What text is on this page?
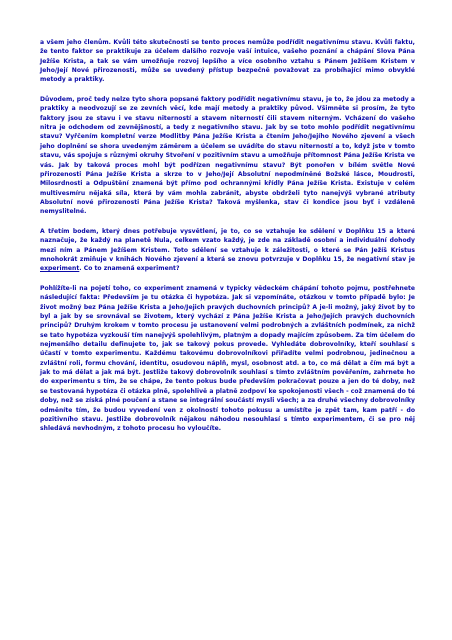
a všem jeho členům. Kvůli této skutečnosti se tento proces nemůže podřídit negativnímu stavu. Kvůli faktu, že tento faktor se praktikuje za účelem dalšího rozvoje vaší intuice, vašeho poznání a chápání Slova Pána Ježíše Krista, a tak se vám umožňuje rozvoj lepšího a více osobního vztahu s Pánem Ježíšem Kristem v Jeho/Její Nové přirozenosti, může se uvedený přístup bezpečně považovat za probíhající mimo obvyklé metody a praktiky.

Důvodem, proč tedy nelze tyto shora popsané faktory podřídit negativnímu stavu, je to, že jdou za metody a praktiky a neodvozují se ze zevních věcí, kde mají metody a praktiky původ. Všimněte si prosím, že tyto faktory jsou ze stavu i ve stavu niterností a stavem niterností čili stavem niterným. Vcházení do vašeho nitra je odchodem od zevnějšností, a tedy z negativního stavu. Jak by se toto mohlo podřídit negativnímu stavu? Vyřčením kompletní verze Modlitby Pána Ježíše Krista a čtením Jeho/Jejího Nového zjevení a všech jeho doplnění se shora uvedeným záměrem a účelem se uvádíte do stavu niterností a to, když jste v tomto stavu, vás spojuje s různými okruhy Stvoření v pozitivním stavu a umožňuje přítomnost Pána Ježíše Krista ve vás. Jak by taková proces mohl být podřízen negativnímu stavu? Být ponořen v bílém světle Nové přirozenosti Pána Ježíše Krista a skrze to v Jeho/Její Absolutní nepodmíněné Božské lásce, Moudrosti, Milosrdnosti a Odpuštění znamená být přímo pod ochrannými křídly Pána Ježíše Krista. Existuje v celém multivesmíru nějaká síla, která by vám mohla zabránit, abyste obdrželi tyto nanejvýš vybrané atributy Absolutní nové přirozenosti Pána Ježíše Krista? Taková myšlenka, stav či kondice jsou byť i vzdáleně nemyslitelné.

A třetím bodem, který dnes potřebuje vysvětlení, je to, co se vztahuje ke sdělení v Doplňku 15 a které naznačuje, že každý na planetě Nula, celkem vzato každý, je zde na základě osobní a individuální dohody mezi ním a Pánem Ježíšem Kristem. Toto sdělení se vztahuje k záležitosti, o které se Pán Ježíš Kristus mnohokrát zmiňuje v knihách Nového zjevení a která se znovu potvrzuje v Doplňku 15, že negativní stav je experiment. Co to znamená experiment?

Pohlížíte-li na pojetí toho, co experiment znamená v typicky vědeckém chápání tohoto pojmu, postřehnete následující fakta: Především je tu otázka či hypotéza. Jak si vzpomínáte, otázkou v tomto případě bylo: Je život možný bez Pána Ježíše Krista a Jeho/Jejich pravých duchovních principů? A je-li možný, jaký život by to byl a jak by se srovnával se životem, který vychází z Pána Ježíše Krista a Jeho/Jejích pravých duchovních principů? Druhým krokem v tomto procesu je ustanovení velmi podrobných a zvláštních podmínek, za nichž se tato hypotéza vyzkouší tím nanejvýš spolehlivým, platným a dopady majícím způsobem. Za tím účelem do nejmenšího detailu definujete to, jak se takový pokus provede. Vyhledáte dobrovolníky, kteří souhlasí s účastí v tomto experimentu. Každému takovému dobrovolníkovi přiřadíte velmi podrobnou, jedinečnou a zvláštní roli, formu chování, identitu, osudovou náplň, mysl, osobnost atd. a to, co má dělat a čím má být a jak to má dělat a jak má být. Jestliže takový dobrovolník souhlasí s tímto zvláštním pověřením, zahrnete ho do experimentu s tím, že se chápe, že tento pokus bude především pokračovat pouze a jen do té doby, než se testovaná hypotéza či otázka plně, spolehlivě a platně zodpoví ke spokojenosti všech - což znamená do té doby, než se získá plné poučení a stane se integrální součástí mysli všech; a za druhé všechny dobrovolníky odměníte tím, že budou vyvedení ven z okolností tohoto pokusu a umístíte je zpět tam, kam patří - do pozitivního stavu. Jestliže dobrovolník nějakou náhodou nesouhlasí s tímto experimentem, či se pro něj shledává nevhodným, z tohoto procesu ho vyloučíte.
